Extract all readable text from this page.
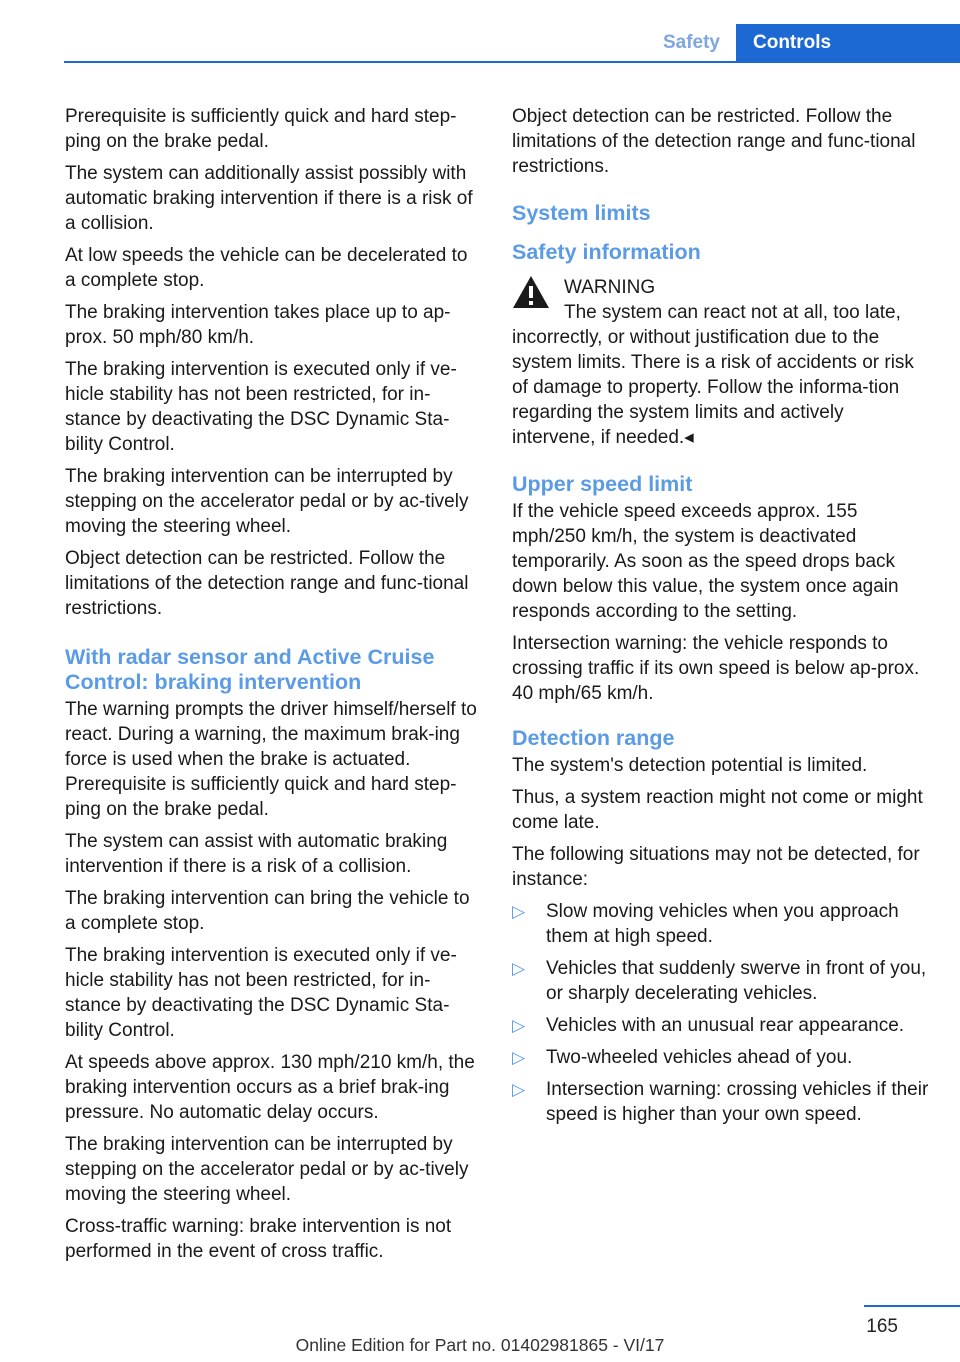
Safety	Controls

Prerequisite is sufficiently quick and hard step-ping on the brake pedal.

The system can additionally assist possibly with automatic braking intervention if there is a risk of a collision.

At low speeds the vehicle can be decelerated to a complete stop.

The braking intervention takes place up to ap-prox. 50 mph/80 km/h.

The braking intervention is executed only if ve-hicle stability has not been restricted, for in-stance by deactivating the DSC Dynamic Sta-bility Control.

The braking intervention can be interrupted by stepping on the accelerator pedal or by ac-tively moving the steering wheel.

Object detection can be restricted. Follow the limitations of the detection range and func-tional restrictions.

With radar sensor and Active Cruise Control: braking intervention

The warning prompts the driver himself/herself to react. During a warning, the maximum brak-ing force is used when the brake is actuated. Prerequisite is sufficiently quick and hard step-ping on the brake pedal.

The system can assist with automatic braking intervention if there is a risk of a collision.

The braking intervention can bring the vehicle to a complete stop.

The braking intervention is executed only if ve-hicle stability has not been restricted, for in-stance by deactivating the DSC Dynamic Sta-bility Control.

At speeds above approx. 130 mph/210 km/h, the braking intervention occurs as a brief brak-ing pressure. No automatic delay occurs.

The braking intervention can be interrupted by stepping on the accelerator pedal or by ac-tively moving the steering wheel.

Cross-traffic warning: brake intervention is not performed in the event of cross traffic.

Object detection can be restricted. Follow the limitations of the detection range and func-tional restrictions.

System limits
Safety information
WARNING
The system can react not at all, too late,
incorrectly, or without justification due to the system limits. There is a risk of accidents or risk of damage to property. Follow the informa-tion regarding the system limits and actively intervene, if needed.◂
Upper speed limit

If the vehicle speed exceeds approx. 155 mph/250 km/h, the system is deactivated temporarily. As soon as the speed drops back down below this value, the system once again responds according to the setting.

Intersection warning: the vehicle responds to crossing traffic if its own speed is below ap-prox. 40 mph/65 km/h.

Detection range

The system's detection potential is limited.

Thus, a system reaction might not come or might come late.

The following situations may not be detected, for instance:

▷ Slow moving vehicles when you approach them at high speed.
▷ Vehicles that suddenly swerve in front of you, or sharply decelerating vehicles.
▷ Vehicles with an unusual rear appearance.
▷ Two-wheeled vehicles ahead of you.
▷ Intersection warning: crossing vehicles if their speed is higher than your own speed.
165
Online Edition for Part no. 01402981865 - VI/17
